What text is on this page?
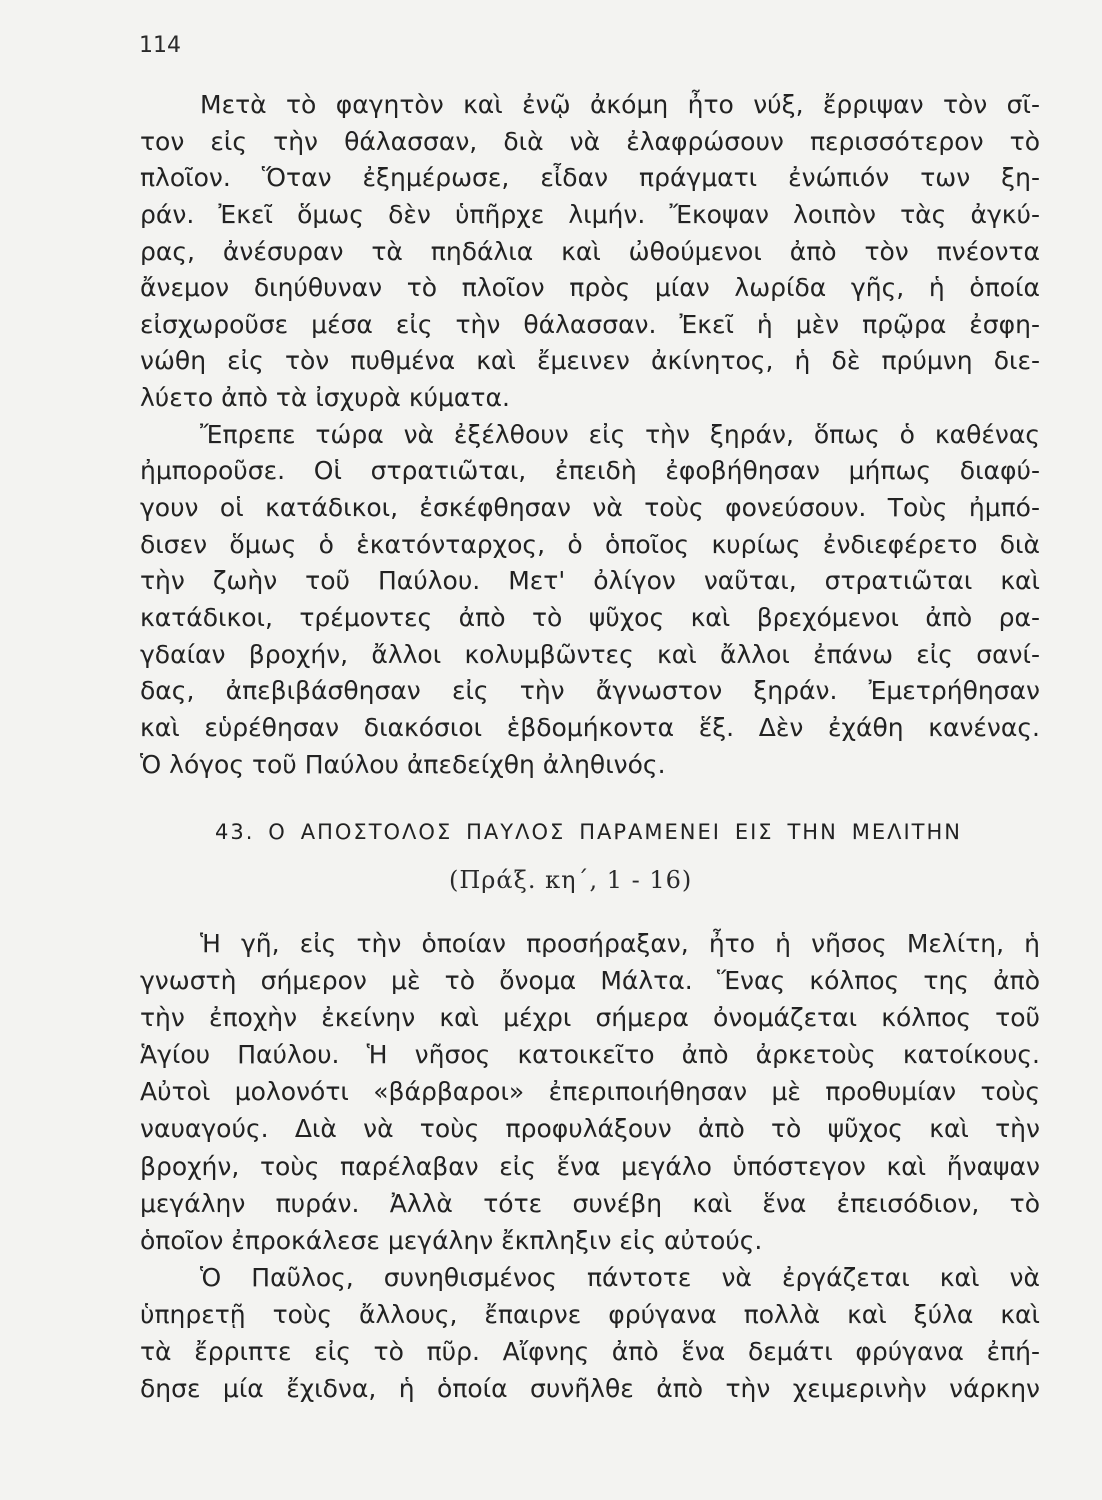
114
Μετὰ τὸ φαγητὸν καὶ ἐνῷ ἀκόμη ἦτο νύξ, ἔρριψαν τὸν σῖ-
τον εἰς τὴν θάλασσαν, διὰ νὰ ἐλαφρώσουν περισσότερον τὸ
πλοῖον. Ὅταν ἐξημέρωσε, εἶδαν πράγματι ἐνώπιόν των ξη-
ράν. Ἐκεῖ ὅμως δὲν ὑπῆρχε λιμήν. Ἔκοψαν λοιπὸν τὰς ἀγκύ-
ρας, ἀνέσυραν τὰ πηδάλια καὶ ὠθούμενοι ἀπὸ τὸν πνέοντα
ἄνεμον διηύθυναν τὸ πλοῖον πρὸς μίαν λωρίδα γῆς, ἡ ὁποία
εἰσχωροῦσε μέσα εἰς τὴν θάλασσαν. Ἐκεῖ ἡ μὲν πρῷρα ἐσφη-
νώθη εἰς τὸν πυθμένα καὶ ἔμεινεν ἀκίνητος, ἡ δὲ πρύμνη διε-
λύετο ἀπὸ τὰ ἰσχυρὰ κύματα.
Ἔπρεπε τώρα νὰ ἐξέλθουν εἰς τὴν ξηράν, ὅπως ὁ καθένας
ἠμποροῦσε. Οἱ στρατιῶται, ἐπειδὴ ἐφοβήθησαν μήπως διαφύ-
γουν οἱ κατάδικοι, ἐσκέφθησαν νὰ τοὺς φονεύσουν. Τοὺς ἠμπό-
δισεν ὅμως ὁ ἑκατόνταρχος, ὁ ὁποῖος κυρίως ἐνδιεφέρετο διὰ
τὴν ζωὴν τοῦ Παύλου. Μετ' ὀλίγον ναῦται, στρατιῶται καὶ
κατάδικοι, τρέμοντες ἀπὸ τὸ ψῦχος καὶ βρεχόμενοι ἀπὸ ρα-
γδαίαν βροχήν, ἄλλοι κολυμβῶντες καὶ ἄλλοι ἐπάνω εἰς σανί-
δας, ἀπεβιβάσθησαν εἰς τὴν ἄγνωστον ξηράν. Ἐμετρήθησαν
καὶ εὑρέθησαν διακόσιοι ἑβδομήκοντα ἕξ. Δὲν ἐχάθη κανένας.
Ὁ λόγος τοῦ Παύλου ἀπεδείχθη ἀληθινός.
43. Ο ΑΠΟΣΤΟΛΟΣ ΠΑΥΛΟΣ ΠΑΡΑΜΕΝΕΙ ΕΙΣ ΤΗΝ ΜΕΛΙΤΗΝ
(Πράξ. κη΄, 1 - 16)
Ἡ γῆ, εἰς τὴν ὁποίαν προσήραξαν, ἦτο ἡ νῆσος Μελίτη, ἡ
γνωστὴ σήμερον μὲ τὸ ὄνομα Μάλτα. Ἕνας κόλπος της ἀπὸ
τὴν ἐποχὴν ἐκείνην καὶ μέχρι σήμερα ὀνομάζεται κόλπος τοῦ
Ἁγίου Παύλου. Ἡ νῆσος κατοικεῖτο ἀπὸ ἀρκετοὺς κατοίκους.
Αὐτοὶ μολονότι «βάρβαροι» ἐπεριποιήθησαν μὲ προθυμίαν τοὺς
ναυαγούς. Διὰ νὰ τοὺς προφυλάξουν ἀπὸ τὸ ψῦχος καὶ τὴν
βροχήν, τοὺς παρέλαβαν εἰς ἕνα μεγάλο ὑπόστεγον καὶ ἤναψαν
μεγάλην πυράν. Ἀλλὰ τότε συνέβη καὶ ἕνα ἐπεισόδιον, τὸ
ὁποῖον ἐπροκάλεσε μεγάλην ἔκπληξιν εἰς αὐτούς.
Ὁ Παῦλος, συνηθισμένος πάντοτε νὰ ἐργάζεται καὶ νὰ
ὑπηρετῇ τοὺς ἄλλους, ἔπαιρνε φρύγανα πολλὰ καὶ ξύλα καὶ
τὰ ἔρριπτε εἰς τὸ πῦρ. Αἴφνης ἀπὸ ἕνα δεμάτι φρύγανα ἐπή-
δησε μία ἔχιδνα, ἡ ὁποία συνῆλθε ἀπὸ τὴν χειμερινὴν νάρκην
